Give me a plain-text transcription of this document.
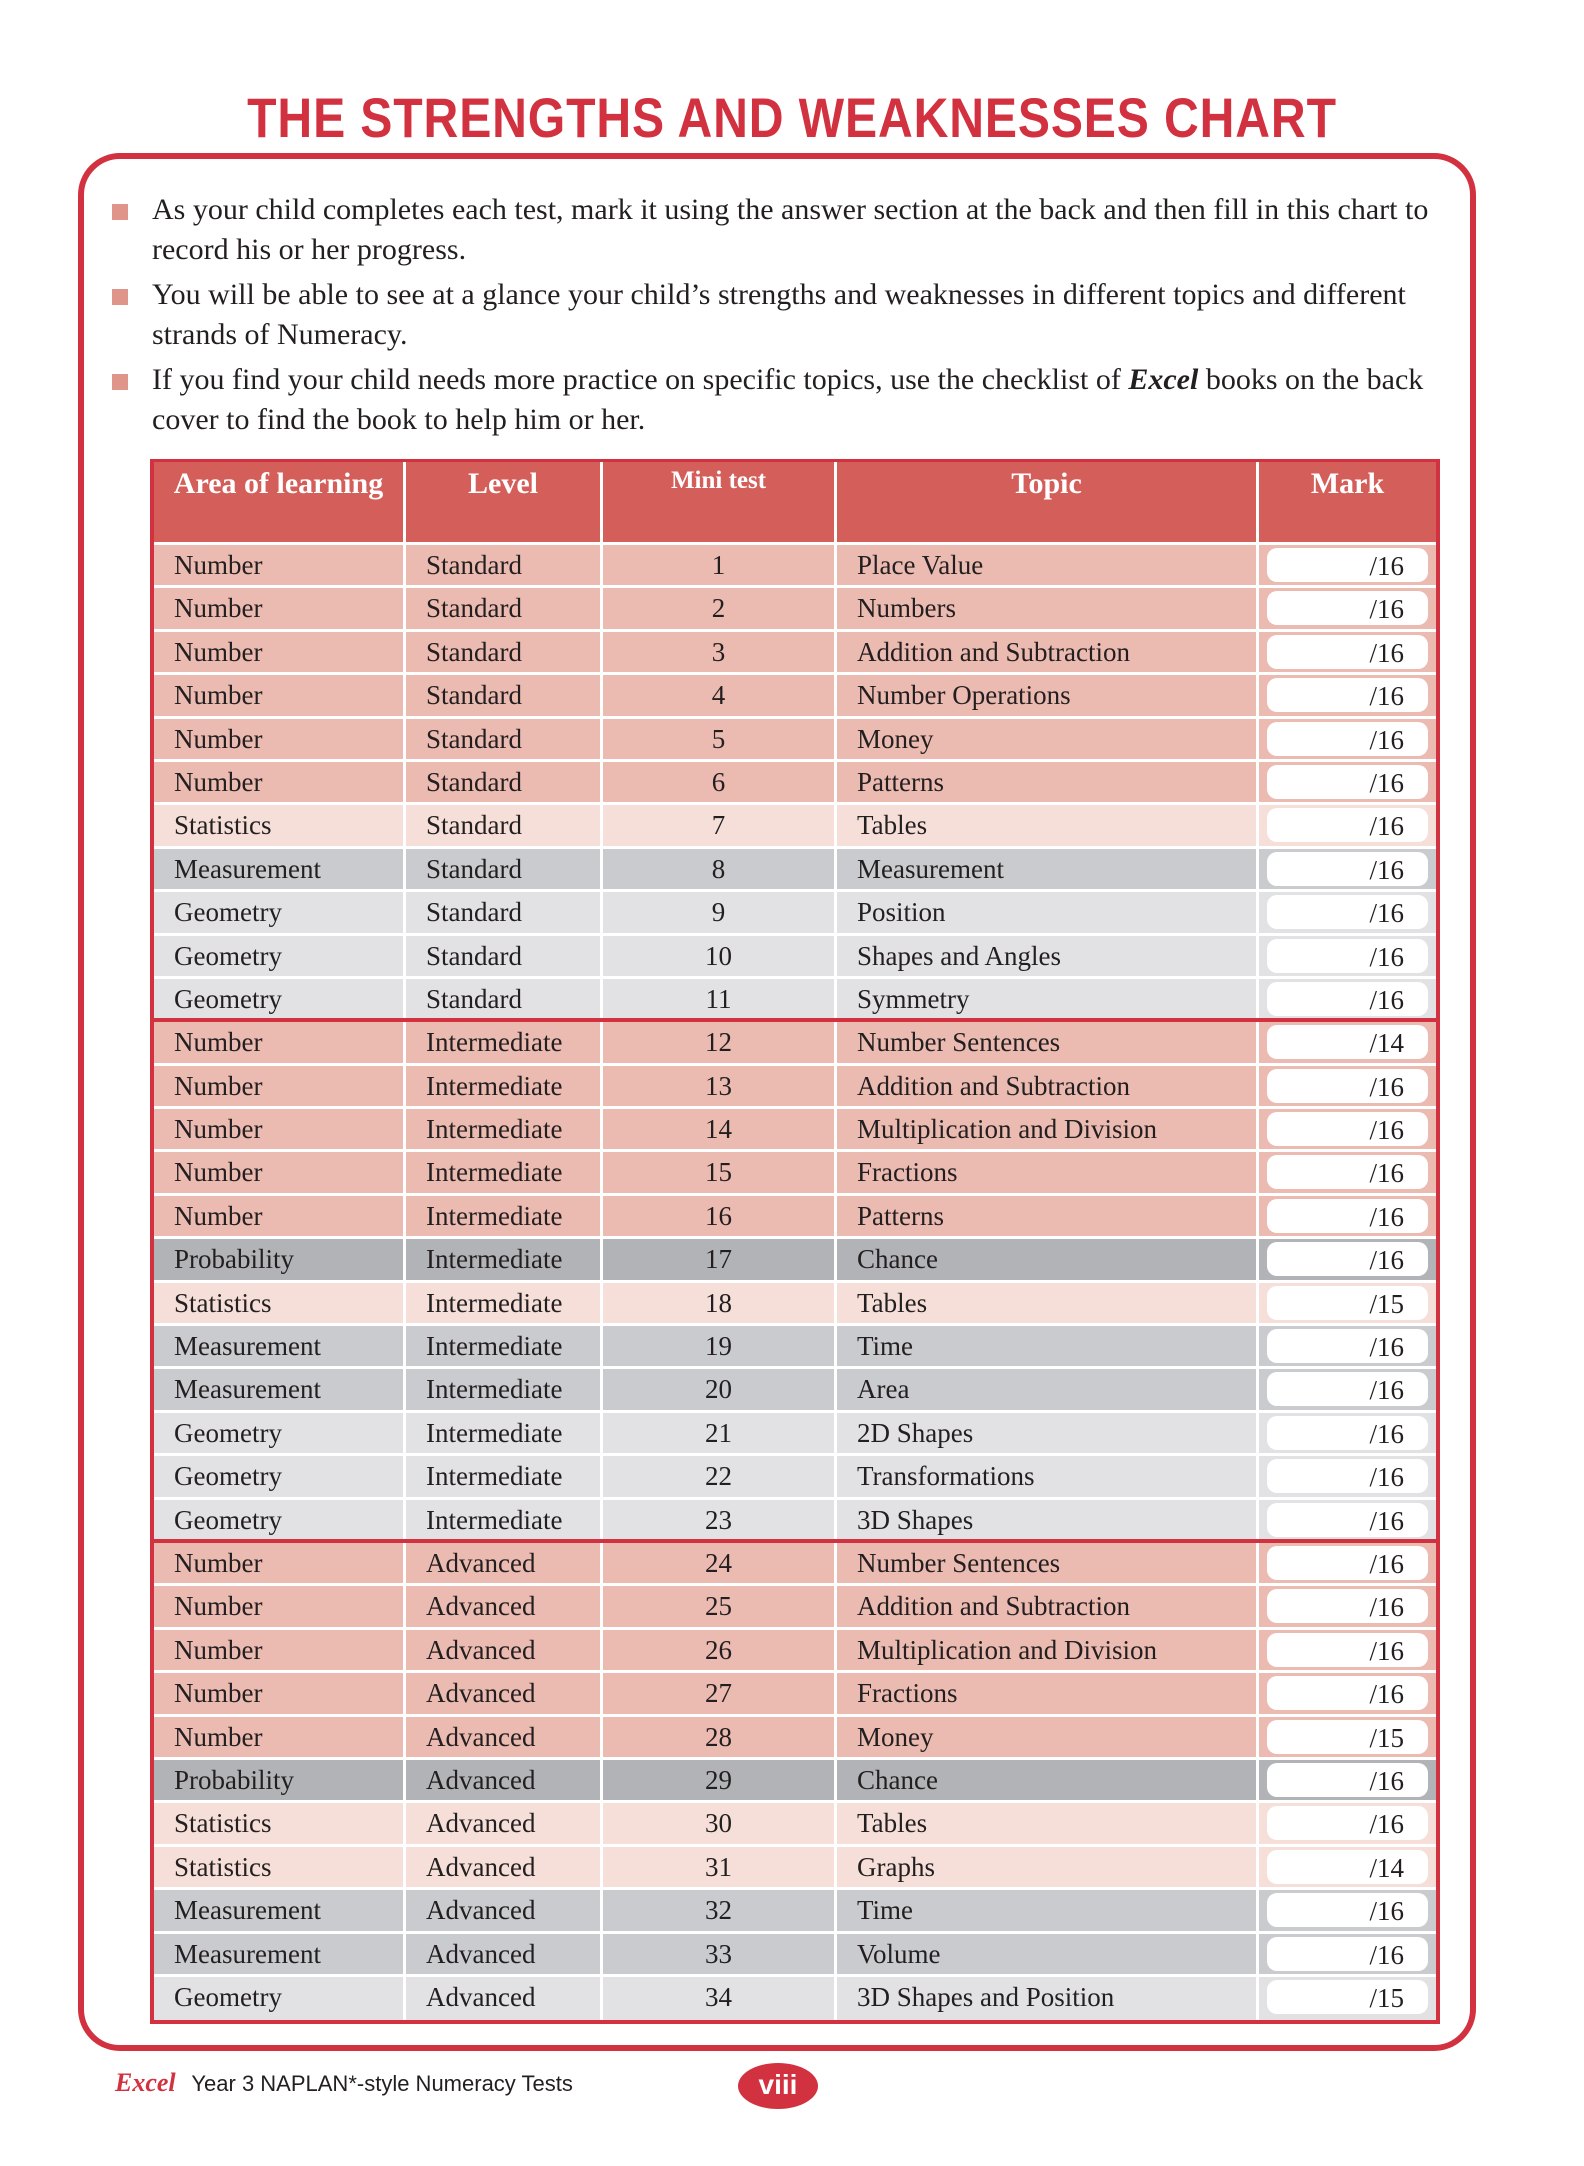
THE STRENGTHS AND WEAKNESSES CHART
As your child completes each test, mark it using the answer section at the back and then fill in this chart to record his or her progress.
You will be able to see at a glance your child’s strengths and weaknesses in different topics and different strands of Numeracy.
If you find your child needs more practice on specific topics, use the checklist of Excel books on the back cover to find the book to help him or her.
Area of learning	Level	Mini test	Topic	Mark
Number	Standard	1	Place Value	/16
Number	Standard	2	Numbers	/16
Number	Standard	3	Addition and Subtraction	/16
Number	Standard	4	Number Operations	/16
Number	Standard	5	Money	/16
Number	Standard	6	Patterns	/16
Statistics	Standard	7	Tables	/16
Measurement	Standard	8	Measurement	/16
Geometry	Standard	9	Position	/16
Geometry	Standard	10	Shapes and Angles	/16
Geometry	Standard	11	Symmetry	/16
Number	Intermediate	12	Number Sentences	/14
Number	Intermediate	13	Addition and Subtraction	/16
Number	Intermediate	14	Multiplication and Division	/16
Number	Intermediate	15	Fractions	/16
Number	Intermediate	16	Patterns	/16
Probability	Intermediate	17	Chance	/16
Statistics	Intermediate	18	Tables	/15
Measurement	Intermediate	19	Time	/16
Measurement	Intermediate	20	Area	/16
Geometry	Intermediate	21	2D Shapes	/16
Geometry	Intermediate	22	Transformations	/16
Geometry	Intermediate	23	3D Shapes	/16
Number	Advanced	24	Number Sentences	/16
Number	Advanced	25	Addition and Subtraction	/16
Number	Advanced	26	Multiplication and Division	/16
Number	Advanced	27	Fractions	/16
Number	Advanced	28	Money	/15
Probability	Advanced	29	Chance	/16
Statistics	Advanced	30	Tables	/16
Statistics	Advanced	31	Graphs	/14
Measurement	Advanced	32	Time	/16
Measurement	Advanced	33	Volume	/16
Geometry	Advanced	34	3D Shapes and Position	/15
Excel Year 3 NAPLAN*-style Numeracy Tests	viii
